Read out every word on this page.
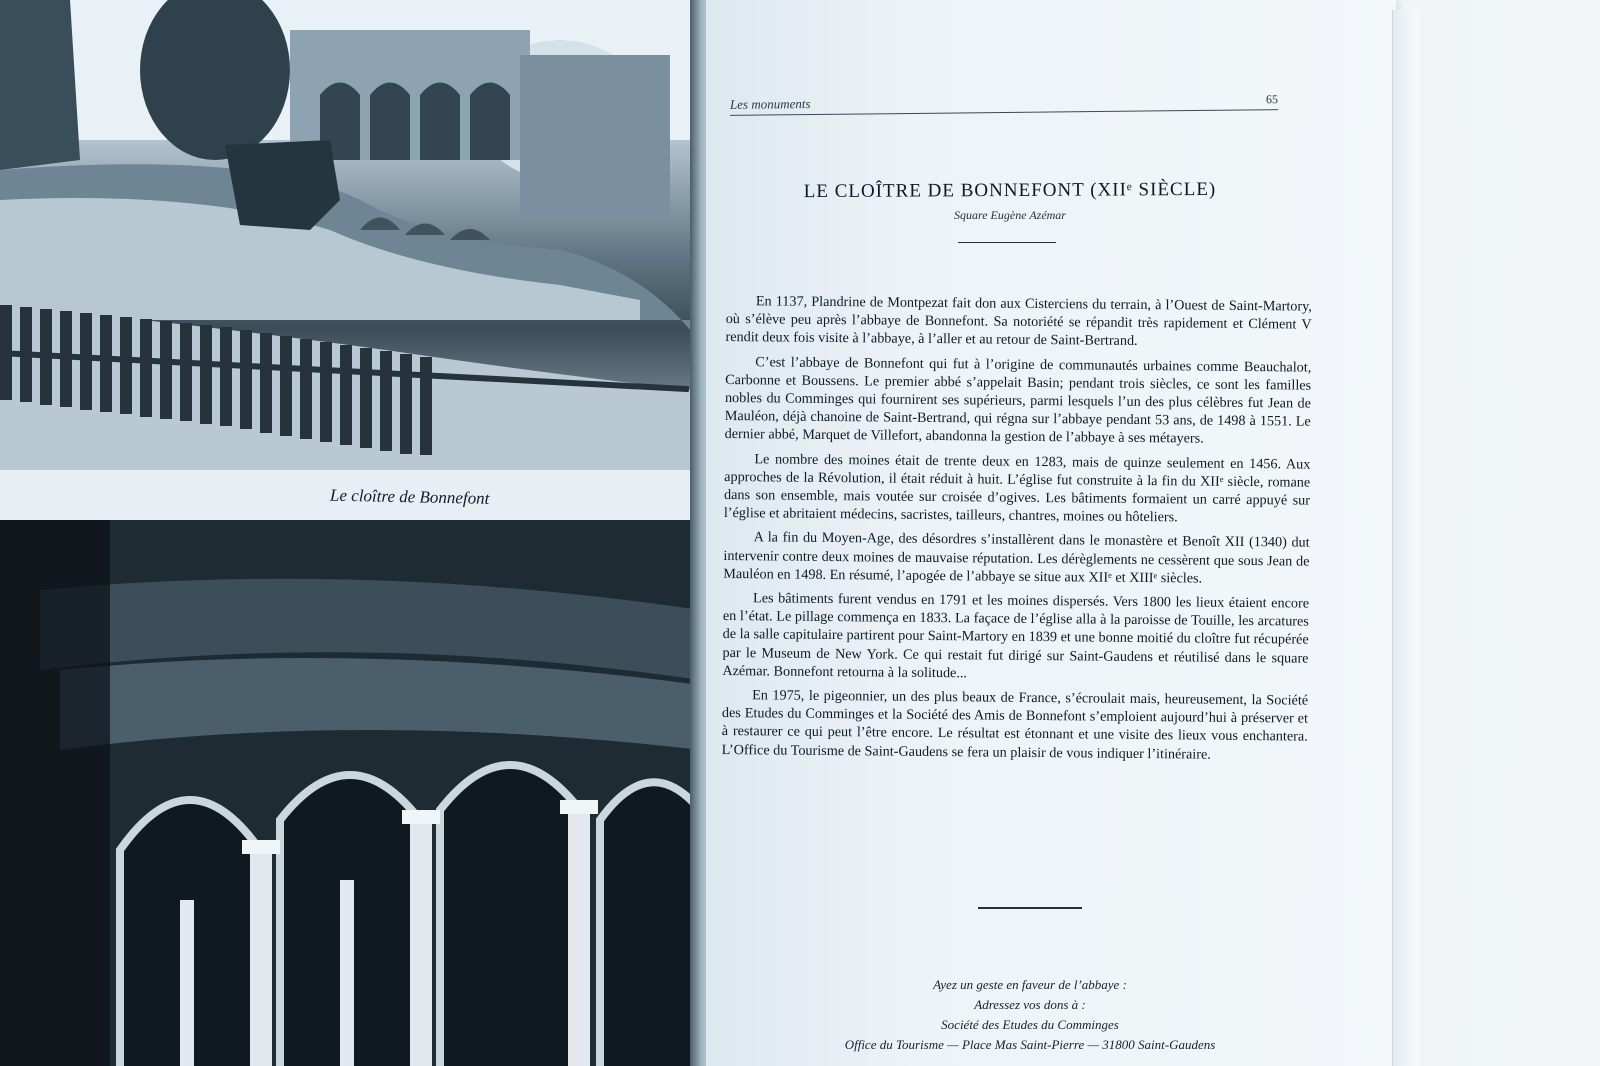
Le cloître de Bonnefont
Les monuments	65
LE CLOÎTRE DE BONNEFONT (XIIᵉ SIÈCLE)
Square Eugène Azémar

En 1137, Plandrine de Montpezat fait don aux Cisterciens du terrain, à l’Ouest de Saint-Martory, où s’élève peu après l’abbaye de Bonnefont. Sa notoriété se répandit très rapidement et Clément V rendit deux fois visite à l’abbaye, à l’aller et au retour de Saint-Bertrand.

C’est l’abbaye de Bonnefont qui fut à l’origine de communautés urbaines comme Beauchalot, Carbonne et Boussens. Le premier abbé s’appelait Basin; pendant trois siècles, ce sont les familles nobles du Comminges qui fournirent ses supérieurs, parmi lesquels l’un des plus célèbres fut Jean de Mauléon, déjà chanoine de Saint-Bertrand, qui régna sur l’abbaye pendant 53 ans, de 1498 à 1551. Le dernier abbé, Marquet de Villefort, abandonna la gestion de l’abbaye à ses métayers.

Le nombre des moines était de trente deux en 1283, mais de quinze seulement en 1456. Aux approches de la Révolution, il était réduit à huit. L’église fut construite à la fin du XIIᵉ siècle, romane dans son ensemble, mais voutée sur croisée d’ogives. Les bâtiments formaient un carré appuyé sur l’église et abritaient médecins, sacristes, tailleurs, chantres, moines ou hôteliers.

A la fin du Moyen-Age, des désordres s’installèrent dans le monastère et Benoît XII (1340) dut intervenir contre deux moines de mauvaise réputation. Les dérèglements ne cessèrent que sous Jean de Mauléon en 1498. En résumé, l’apogée de l’abbaye se situe aux XIIᵉ et XIIIᵉ siècles.

Les bâtiments furent vendus en 1791 et les moines dispersés. Vers 1800 les lieux étaient encore en l’état. Le pillage commença en 1833. La façace de l’église alla à la paroisse de Touille, les arcatures de la salle capitulaire partirent pour Saint-Martory en 1839 et une bonne moitié du cloître fut récupérée par le Museum de New York. Ce qui restait fut dirigé sur Saint-Gaudens et réutilisé dans le square Azémar. Bonnefont retourna à la solitude...

En 1975, le pigeonnier, un des plus beaux de France, s’écroulait mais, heureusement, la Société des Etudes du Comminges et la Société des Amis de Bonnefont s’emploient aujourd’hui à préserver et à restaurer ce qui peut l’être encore. Le résultat est étonnant et une visite des lieux vous enchantera. L’Office du Tourisme de Saint-Gaudens se fera un plaisir de vous indiquer l’itinéraire.

Ayez un geste en faveur de l’abbaye :
Adressez vos dons à :
Société des Etudes du Comminges
Office du Tourisme — Place Mas Saint-Pierre — 31800 Saint-Gaudens
